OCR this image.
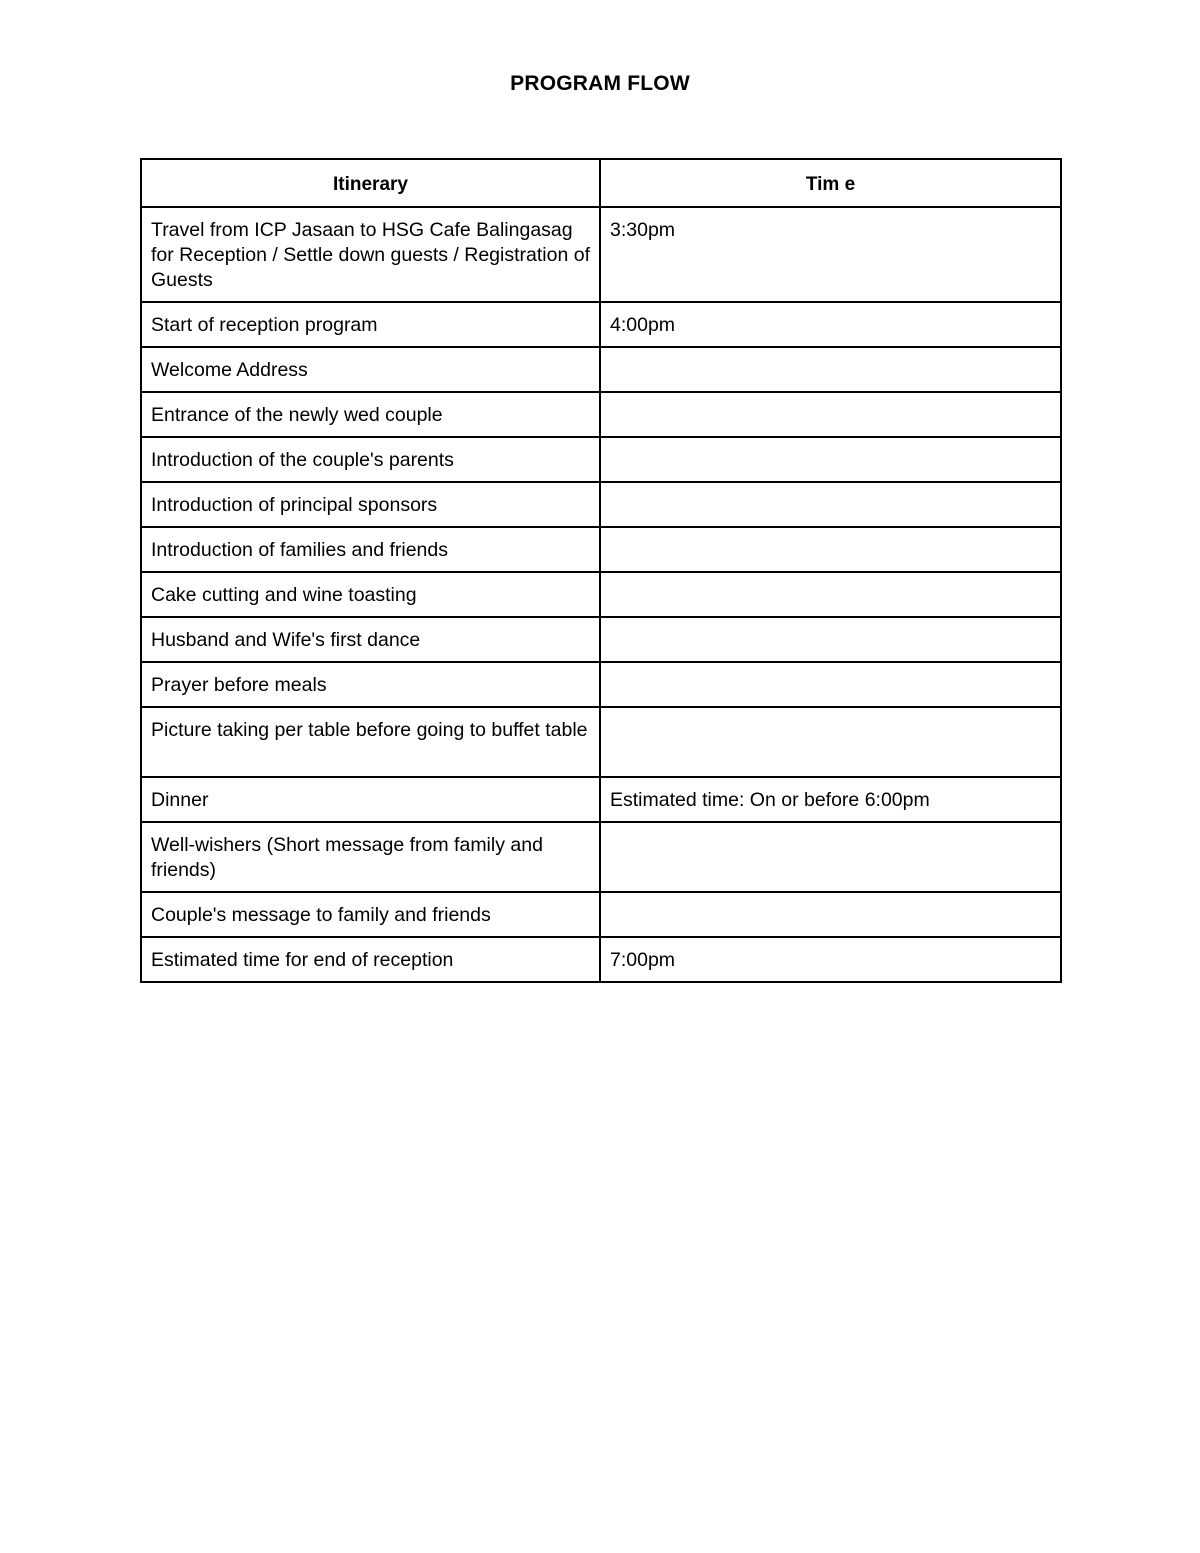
PROGRAM FLOW
Itinerary	Tim e
Travel from ICP Jasaan to HSG Cafe Balingasag for Reception / Settle down guests / Registration of Guests	3:30pm
Start of reception program	4:00pm
Welcome Address	
Entrance of the newly wed couple	
Introduction of the couple's parents	
Introduction of principal sponsors	
Introduction of families and friends	
Cake cutting and wine toasting	
Husband and Wife's first dance	
Prayer before meals	
Picture taking per table before going to buffet table	
Dinner	Estimated time: On or before 6:00pm
Well-wishers (Short message from family and friends)	
Couple's message to family and friends	
Estimated time for end of reception	7:00pm
